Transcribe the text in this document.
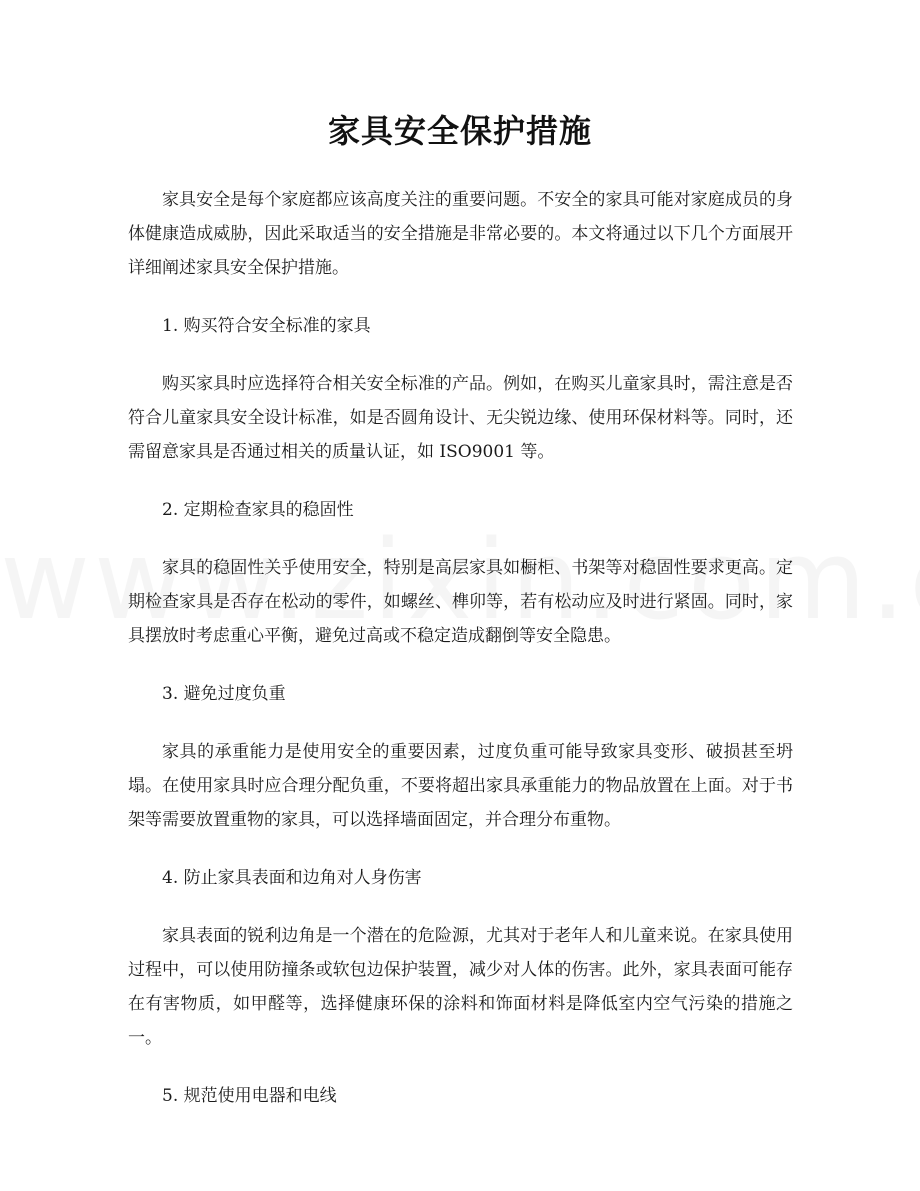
家具安全保护措施

家具安全是每个家庭都应该高度关注的重要问题。不安全的家具可能对家庭成员的身体健康造成威胁，因此采取适当的安全措施是非常必要的。本文将通过以下几个方面展开详细阐述家具安全保护措施。

1. 购买符合安全标准的家具

购买家具时应选择符合相关安全标准的产品。例如，在购买儿童家具时，需注意是否符合儿童家具安全设计标准，如是否圆角设计、无尖锐边缘、使用环保材料等。同时，还需留意家具是否通过相关的质量认证，如 ISO9001 等。

2. 定期检查家具的稳固性

家具的稳固性关乎使用安全，特别是高层家具如橱柜、书架等对稳固性要求更高。定期检查家具是否存在松动的零件，如螺丝、榫卯等，若有松动应及时进行紧固。同时，家具摆放时考虑重心平衡，避免过高或不稳定造成翻倒等安全隐患。

3. 避免过度负重

家具的承重能力是使用安全的重要因素，过度负重可能导致家具变形、破损甚至坍塌。在使用家具时应合理分配负重，不要将超出家具承重能力的物品放置在上面。对于书架等需要放置重物的家具，可以选择墙面固定，并合理分布重物。

4. 防止家具表面和边角对人身伤害

家具表面的锐利边角是一个潜在的危险源，尤其对于老年人和儿童来说。在家具使用过程中，可以使用防撞条或软包边保护装置，减少对人体的伤害。此外，家具表面可能存在有害物质，如甲醛等，选择健康环保的涂料和饰面材料是降低室内空气污染的措施之一。

5. 规范使用电器和电线
